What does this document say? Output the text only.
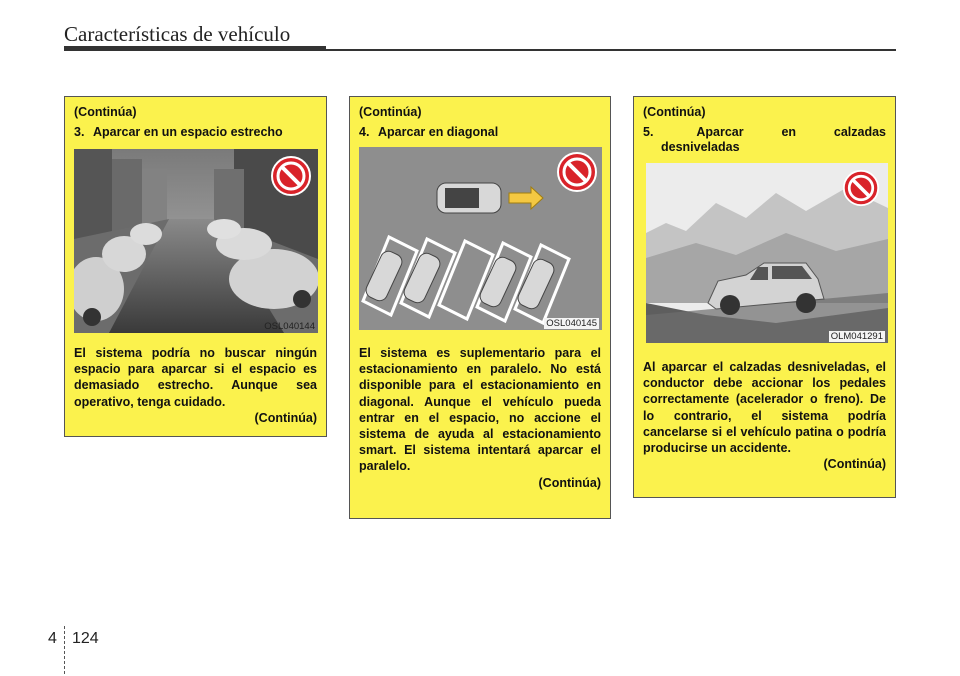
Características de vehículo
(Continúa)
3. Aparcar en un espacio estrecho
OSL040144
El sistema podría no buscar ningún espacio para aparcar si el espacio es demasiado estrecho. Aunque sea operativo, tenga cuidado.
(Continúa)
(Continúa)
4. Aparcar en diagonal
OSL040145
El sistema es suplementario para el estacionamiento en paralelo. No está disponible para el estacionamiento en diagonal. Aunque el vehículo pueda entrar en el espacio, no accione el sistema de ayuda al estacionamiento smart. El sistema intentará aparcar el paralelo.
(Continúa)
(Continúa)
5.	Aparcar en calzadas
desniveladas
OLM041291
Al aparcar el calzadas desniveladas, el conductor debe accionar los pedales correctamente (acelerador o freno). De lo contrario, el sistema podría cancelarse si el vehículo patina o podría producirse un accidente.
(Continúa)
4 124
